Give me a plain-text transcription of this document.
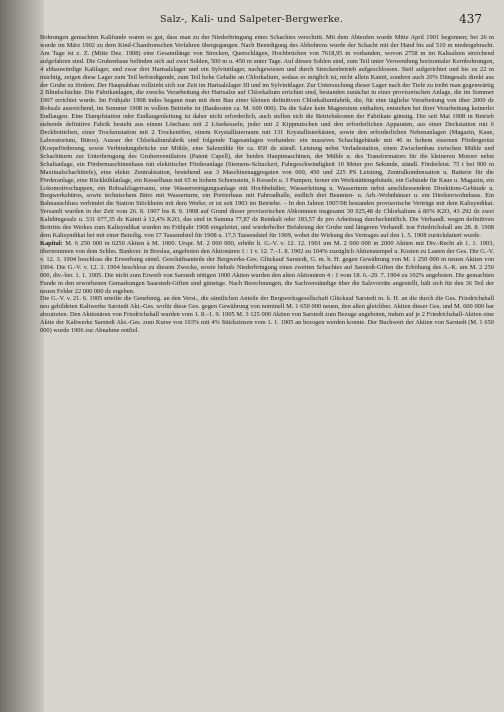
Salz-, Kali- und Salpeter-Bergwerke.	437

Bohrungen gemachten Kalifunde waren so gut, dass man zu der Niederbringung eines Schachtes verschritt. Mit dem Abteufen wurde Mitte April 1901 begonnen; bei 26 m wurde im März 1902 zu dem Kind-Chandronschen Verfahren übergegangen. Nach Beendigung des Abbohrens wurde der Schacht mit der Hand bis auf 510 m niedergebracht. Am Tage ist z. Z. (Mitte Dez. 1908) eine Gesamtlänge von Strecken, Querschlägen, Hochbrüchen von 7618,95 m vorhanden, wovon 2758 m im Kalisalzen streichend aufgefahren sind. Die Grubenbaue befinden sich auf zwei Sohlen, 500 m u. 450 m unter Tage. Auf diesen Sohlen sind, zum Teil unter Verwendung horizontaler Kernbohrungen, 4 abbauwürdige Kalilager, und zwar drei Hartsalzlager und ein Sylvinitlager, nachgewiesen und durch Streckenbetrieb aufgeschlossen. Steil aufgerichtet und bis zu 22 m mächtig, zeigen diese Lager zum Teil befriedigende, zum Teil hohe Gehalte an Chlorkalium, sodass es möglich ist, nicht allein Kainit, sondern auch 20% Düngesalz direkt aus der Grube zu fördern. Der Hauptabbau vollzieht sich zur Zeit im Hartsalzlager III und im Sylvinitlager. Zur Untersuchung dieser Lager nach der Tiefe zu treibt man gegenwärtig 2 Blindschächte. Die Fabrikanlagen, die zwecks Verarbeitung der Hartsalze auf Chlorkalium errichtet sind, bestanden zunächst in einer provisorischen Anlage, die im Sommer 1907 errichtet wurde. Im Frühjahr 1908 indes begann man mit dem Bau einer kleinen definitiven Chlorkaliumfabrik, die, für eine tägliche Verarbeitung von über 2000 dz Rohsalz ausreichend, im Sommer 1908 in vollem Betriebe ist (Baukosten ca. M. 600 000). Da die Salze kein Magnesium enthalten, entstehen bei ihrer Verarbeitung keinerlei Endlaugen. Eine Dampfstation oder Endlaugenleitung ist daher nicht erforderlich, auch stellen sich die Betriebskosten der Fabrikate günstig. Die seit Mai 1908 in Betrieb stehende definitive Fabrik besteht aus einem Löschaus mit 2 Lösekesseln, jeder mit 2 Kippnutschen und den erforderlichen Apparaten, aus einer Deckstation mit 6 Deckbottichen, einer Trockenstation mit 2 Trockenöfen, einem Krystallisierraum mit 131 Krystallisierkästen, sowie den erforderlichen Nebenanlagen (Magazin, Kaue, Laboratorium, Büros). Ausser der Chlorkaliumfabrik sind folgende Tagesanlagen vorhanden: ein massives Schachtgebäude mit 46 m hohem eisernen Fördergerüst (Koepeförderung, sowie Verbindungsbrücke zur Mühle, eine Salzmühle für ca. 850 dz ständl. Leistung nebst Verladestation, einen Zwischenbau zwischen Mühle und Schachtturm zur Unterbringung des Grubenventilators (Patent Capell), der beiden Hauptmaschinen, der Mühle u. des Transformators für die kleineren Motore nebst Schaltanlage, ein Fördermaschinenhaus mit elektrischer Förderanlage (Siemens-Schuckert, Fahrgeschwindigkeit 10 Meter pro Sekunde, ständl. Förderleist. 75 t bei 900 m Maximalschachttiefe), eine elektr. Zentralstation, bestehend aus 3 Maschinenaggregaten von 600, 450 und 225 PS Leistung, Zentralkondensation u. Batterie für die Förderanlage, eine Rückkühlanlage, ein Kesselhaus mit 65 m hohem Schornstein, 6 Kesseln u. 3 Pumpen; ferner ein Werkstättengebäude, ein Gebäude für Kaue u. Magazin, ein Lokomotivschuppen, ein Rohsalzlagerraum, eine Wasserreinigungsanlage mit Hochbehälter, Wasserleitung u. Wasserturm nebst anschliessendem Direktions-Gebäude u. Bergwerksbüros, sowie technischem Büro mit Wasserturm, ein Portierhaus mit Fahrradhalle, endlich drei Beamten- u. Arb.-Wohnhäuser u. ein Direktorwohnhaus. Ein Bahnanschluss verbindet die Station Stöckheim mit dem Werke; er ist seit 1903 im Betriebe. – In den Jahren 1907/08 bestanden provisorische Verträge mit dem Kalisyndikat. Versandt wurden in der Zeit vom 26. 8. 1907 bis 8. 9. 1908 auf Grund dieser provisorischen Abkommen insgesamt 30 025,48 dz Chlorkalium à 80% K2O, 43 292 dz zwei Kalidüngesalz u. 331 077,35 dz Kainit à 12,4% K2O, das sind in Summa 77,87 dz Reinkali oder 183,57 dz pro Arbeitstag durchschnittlich. Die Verhandl. wegen definitiven Beitritts des Werkes zum Kalisyndikat wurden im Frühjahr 1908 eingeleitet, und wiederholter Befahrung der Grube und längeren Verhandl. trat Friedrichshall am 28. 8. 1908 dem Kalisyndikat bei mit einer Beteilig. von 17 Tausendstel für 1908 u. 17,5 Tausendstel für 1909, wobei die Wirkung des Vertrages auf den 1. 5. 1908 zurückdatiert wurde.

Kapital: M. 6 250 000 in 6250 Aktien à M. 1000. Urspr. M. 2 000 000, erhöht lt. G.-V. v. 12. 12. 1901 um M. 2 000 000 in 2000 Aktien mit Div.-Recht ab 1. 1. 1903, übernommen von dem Schles. Bankver. in Breslau, angeboten den Aktionären 1 : 1 v. 12. 7.–1. 8. 1902 zu 104% zuzüglich Aktienstempel u. Kosten zu Lasten der Ges. Die G.-V. v. 12. 3. 1904 beschloss die Erwerbung sämtl. Geschäftsanteile der Bergwerks-Ges. Glückauf Sarstedt, G. m. b. H. gegen Gewährung von M. 1 250 000 in neuen Aktien von 1904. Die G.-V. v. 12. 3. 1904 beschloss zu diesem Zwecke, sowie behufs Niederbringung eines zweiten Schachtes auf Sarstedt-Giften die Erhöhung des A.-K. um M. 2 250 000, div.-ber. 1. 1. 1905. Die nicht zum Erwerb von Sarstedt nötigen 1000 Aktien wurden den alten Aktionären 4 : 1 vom 18. 6.–29. 7. 1904 zu 102% angeboten. Die gemachten Funde in den erworbenen Gemarkungen Saarstedt-Giften sind günstige. Nach Berechnungen, die Sachverständige über die Salzvorräte angestellt, hält sich für den 36 Teil der neuen Felder 22 000 000 dz ergeben.

Die G.-V. v. 21. 6. 1905 erteilte die Genehmig. an den Verst., die sämtlichen Anteile der Bergwerksgesellschaft Glückauf Sarstedt m. b. H. an die durch die Ges. Friedrichshall neu gebildeten Kaliwerke Sarstedt Akt.-Ges. wofür diese Ges. gegen Gewährung von nominell M. 1 650 000 neuen, den alten gleichber. Aktien dieser Ges. und M. 600 000 bar abzutreten. Den Aktionären von Friedrichshall wurden vom 1. 8.–1. 9. 1905 M. 3 125 000 Aktien von Sarstedt zum Bezuge angeboten, indem auf je 2 Friedrichshall-Aktien eine Aktie der Kaliwerke Sarstedt Akt.-Ges. zum Kurse von 103% mit 4% Stückzinsen vom 1. 1. 1905 an bezogen werden konnte. Der Buchwert der Aktien von Sarstedt (M. 1 650 000) wurde 1906 zur Abnahme entfiel.
